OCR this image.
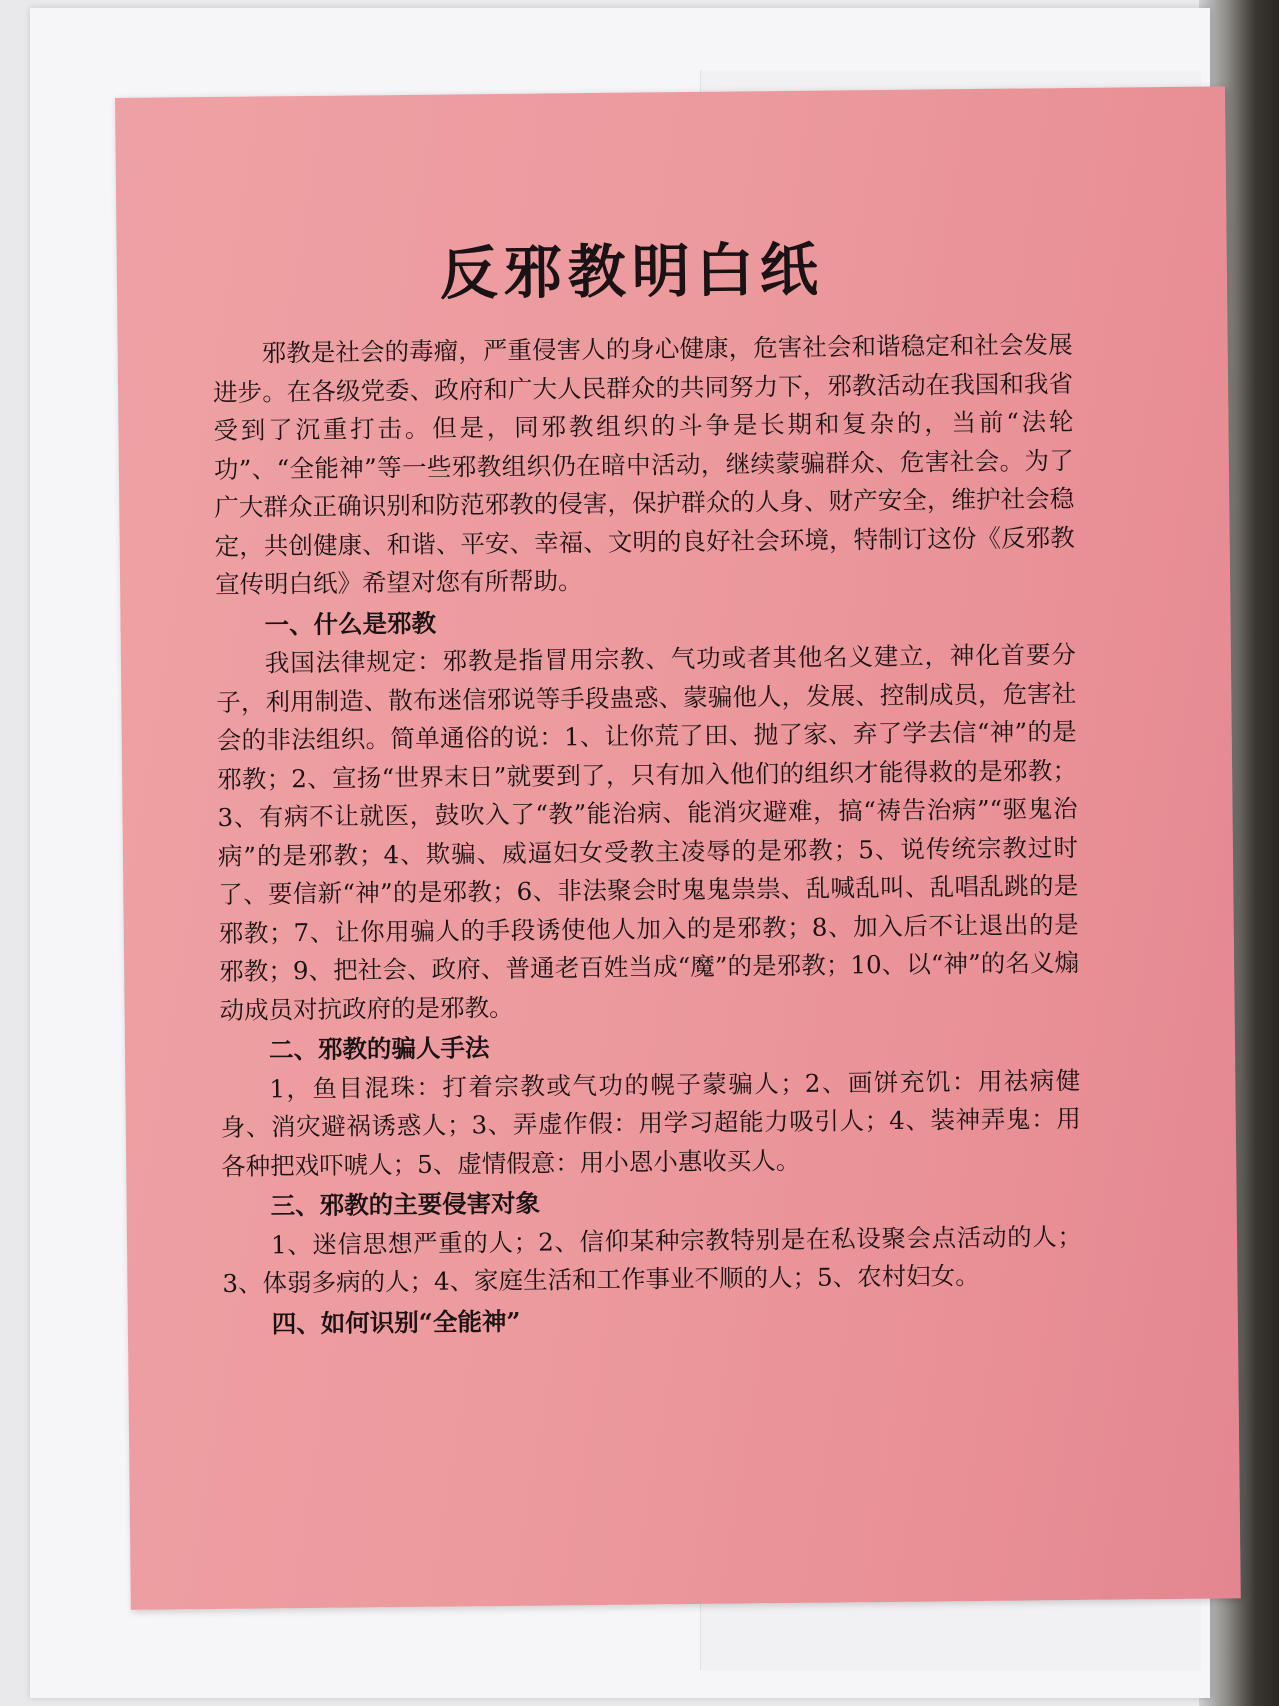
反邪教明白纸

邪教是社会的毒瘤，严重侵害人的身心健康，危害社会和谐稳定和社会发展进步。在各级党委、政府和广大人民群众的共同努力下，邪教活动在我国和我省受到了沉重打击。但是，同邪教组织的斗争是长期和复杂的，当前“法轮功”、“全能神”等一些邪教组织仍在暗中活动，继续蒙骗群众、危害社会。为了广大群众正确识别和防范邪教的侵害，保护群众的人身、财产安全，维护社会稳定，共创健康、和谐、平安、幸福、文明的良好社会环境，特制订这份《反邪教宣传明白纸》希望对您有所帮助。

一、什么是邪教

我国法律规定：邪教是指冒用宗教、气功或者其他名义建立，神化首要分子，利用制造、散布迷信邪说等手段蛊惑、蒙骗他人，发展、控制成员，危害社会的非法组织。简单通俗的说：1、让你荒了田、抛了家、弃了学去信“神”的是邪教；2、宣扬“世界末日”就要到了，只有加入他们的组织才能得救的是邪教；3、有病不让就医，鼓吹入了“教”能治病、能消灾避难，搞“祷告治病”“驱鬼治病”的是邪教；4、欺骗、威逼妇女受教主凌辱的是邪教；5、说传统宗教过时了、要信新“神”的是邪教；6、非法聚会时鬼鬼祟祟、乱喊乱叫、乱唱乱跳的是邪教；7、让你用骗人的手段诱使他人加入的是邪教；8、加入后不让退出的是邪教；9、把社会、政府、普通老百姓当成“魔”的是邪教；10、以“神”的名义煽动成员对抗政府的是邪教。

二、邪教的骗人手法

1，鱼目混珠：打着宗教或气功的幌子蒙骗人；2、画饼充饥：用祛病健身、消灾避祸诱惑人；3、弄虚作假：用学习超能力吸引人；4、装神弄鬼：用各种把戏吓唬人；5、虚情假意：用小恩小惠收买人。

三、邪教的主要侵害对象

1、迷信思想严重的人；2、信仰某种宗教特别是在私设聚会点活动的人；3、体弱多病的人；4、家庭生活和工作事业不顺的人；5、农村妇女。

四、如何识别“全能神”
